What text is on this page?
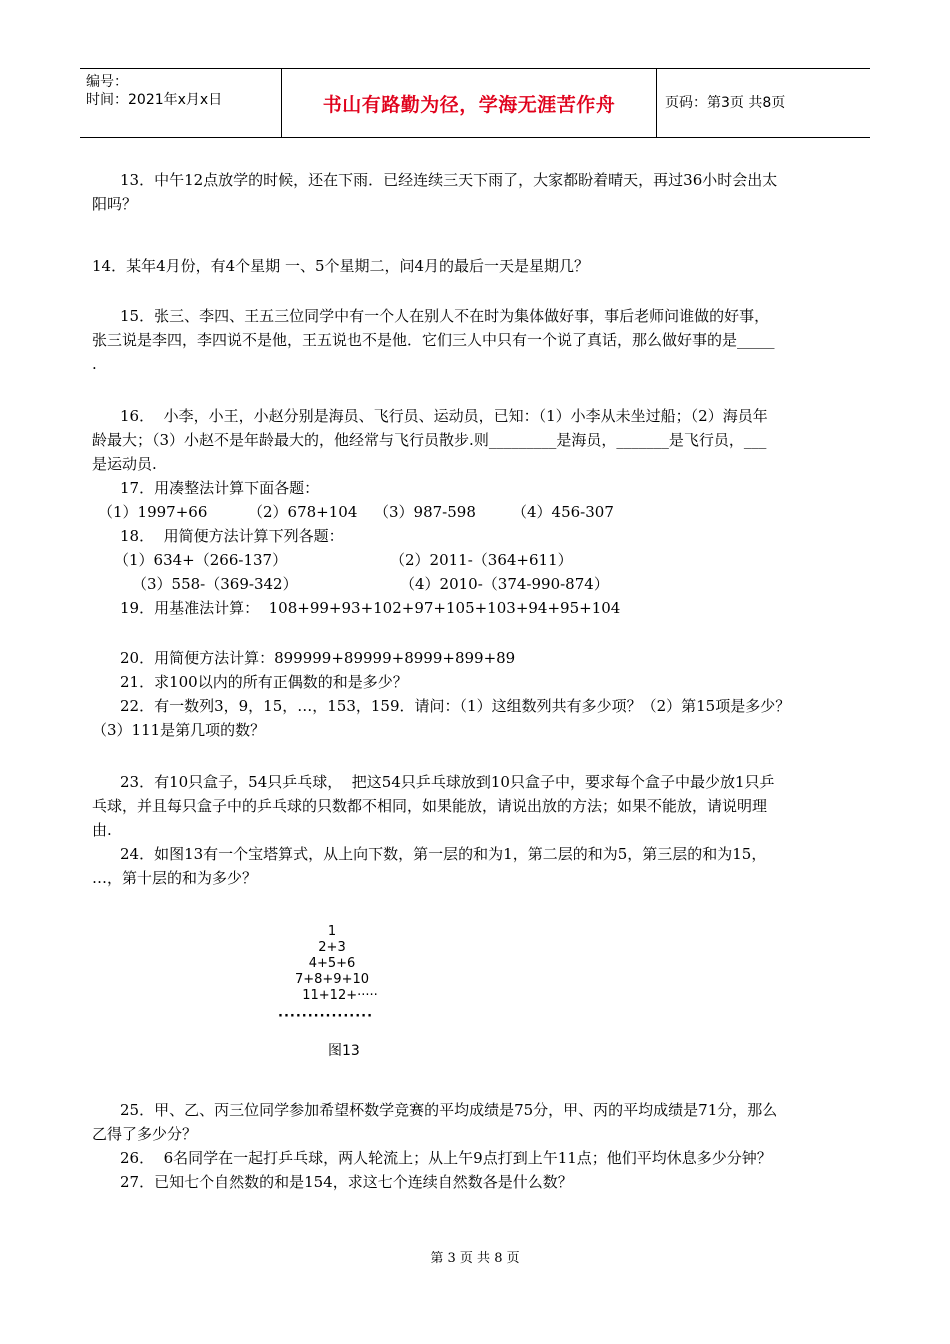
编号：
时间：2021年x月x日	书山有路勤为径，学海无涯苦作舟	页码：第3页 共8页

13．中午12点放学的时候，还在下雨．已经连续三天下雨了，大家都盼着晴天，再过36小时会出太

阳吗？

14．某年4月份，有4个星期 一、5个星期二，问4月的最后一天是星期几？

15．张三、李四、王五三位同学中有一个人在别人不在时为集体做好事，事后老师问谁做的好事，

张三说是李四，李四说不是他，王五说也不是他．它们三人中只有一个说了真话，那么做好事的是_____

.

16．  小李，小王，小赵分别是海员、飞行员、运动员，已知：（1）小李从未坐过船；（2）海员年

龄最大；（3）小赵不是年龄最大的，他经常与飞行员散步.则_________是海员，_______是飞行员，___

是运动员.

17．用凑整法计算下面各题：

（1）1997+66	（2）678+104	（3）987-598	（4）456-307

18．  用简便方法计算下列各题：

（1）634+（266-137）	（2）2011-（364+611）
（3）558-（369-342）	（4）2010-（374-990-874）

19．用基准法计算：  108+99+93+102+97+105+103+94+95+104

20．用简便方法计算：899999+89999+8999+899+89

21．求100以内的所有正偶数的和是多少？

22．有一数列3，9，15，…，153，159．请问：（1）这组数列共有多少项？（2）第15项是多少？

（3）111是第几项的数？

23．有10只盒子，54只乒乓球，  把这54只乒乓球放到10只盒子中，要求每个盒子中最少放1只乒

乓球，并且每只盒子中的乒乓球的只数都不相同，如果能放，请说出放的方法；如果不能放，请说明理

由.

24．如图13有一个宝塔算式，从上向下数，第一层的和为1，第二层的和为5，第三层的和为15，

…，第十层的和为多少？

1
2+3
4+5+6
7+8+9+10
11+12+·····
················
图13

25．甲、乙、丙三位同学参加希望杯数学竞赛的平均成绩是75分，甲、丙的平均成绩是71分，那么

乙得了多少分？

26．  6名同学在一起打乒乓球，两人轮流上；从上午9点打到上午11点；他们平均休息多少分钟？

27．已知七个自然数的和是154，求这七个连续自然数各是什么数？

第 3 页 共 8 页
